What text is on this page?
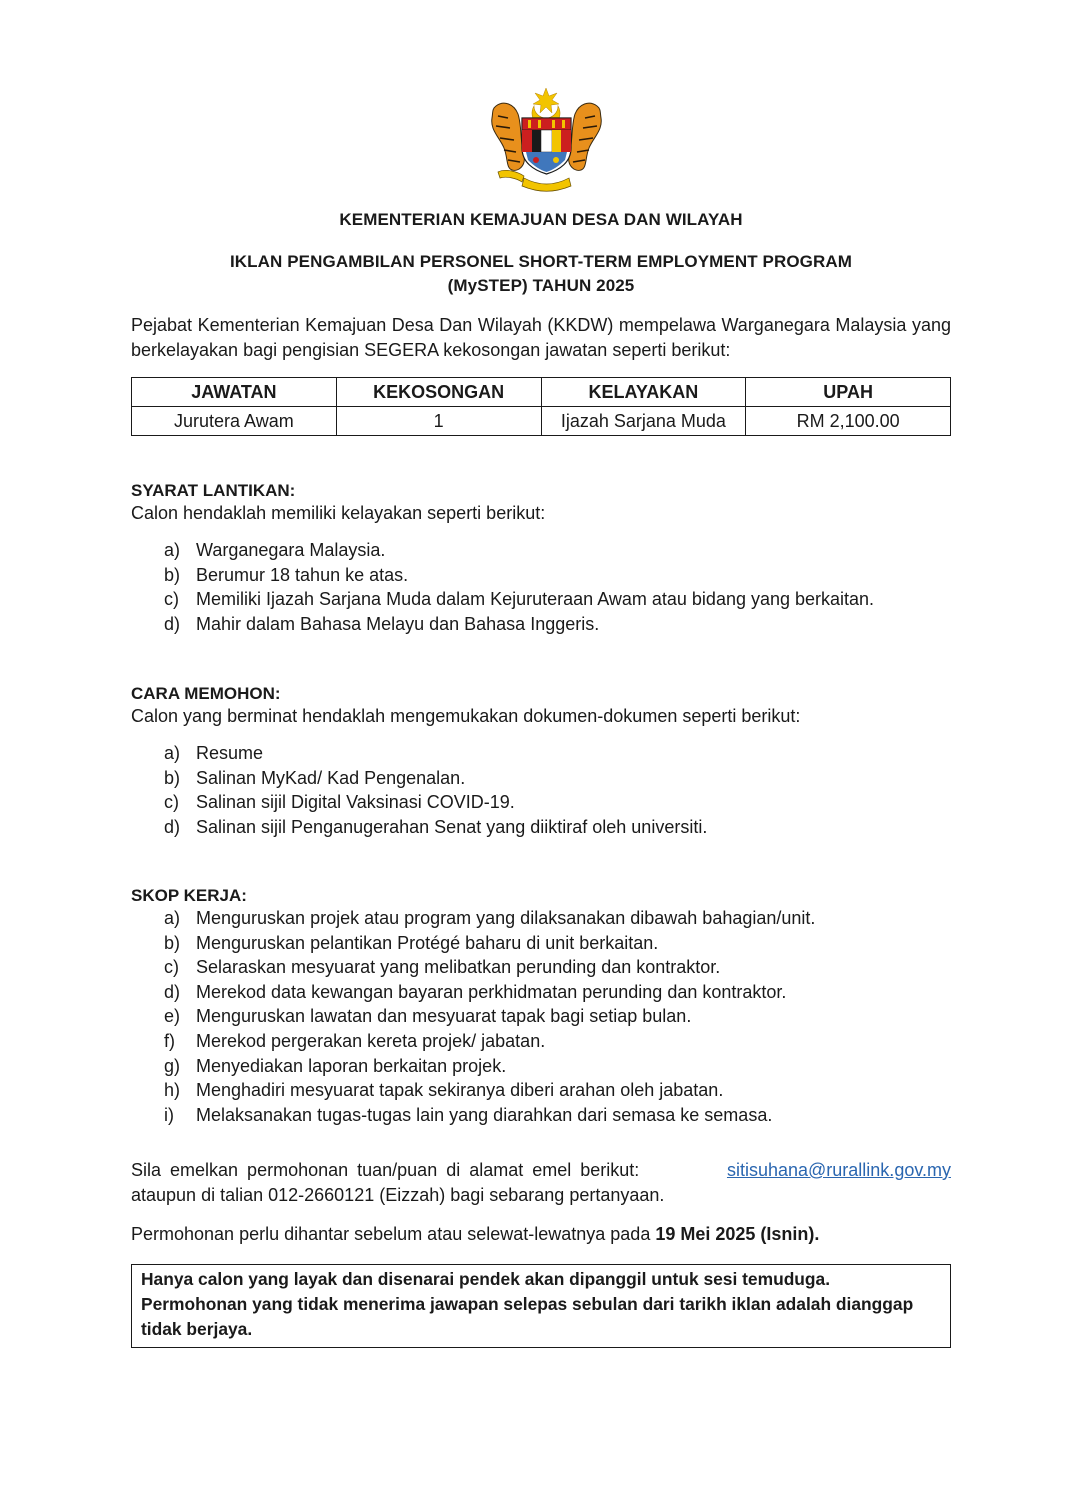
KEMENTERIAN KEMAJUAN DESA DAN WILAYAH
IKLAN PENGAMBILAN PERSONEL SHORT-TERM EMPLOYMENT PROGRAM
(MySTEP) TAHUN 2025
Pejabat Kementerian Kemajuan Desa Dan Wilayah (KKDW) mempelawa Warganegara Malaysia yang berkelayakan bagi pengisian SEGERA kekosongan jawatan seperti berikut:
JAWATAN	KEKOSONGAN	KELAYAKAN	UPAH
Jurutera Awam	1	Ijazah Sarjana Muda	RM 2,100.00
SYARAT LANTIKAN:
Calon hendaklah memiliki kelayakan seperti berikut:
a) Warganegara Malaysia.
b) Berumur 18 tahun ke atas.
c) Memiliki Ijazah Sarjana Muda dalam Kejuruteraan Awam atau bidang yang berkaitan.
d) Mahir dalam Bahasa Melayu dan Bahasa Inggeris.
CARA MEMOHON:
Calon yang berminat hendaklah mengemukakan dokumen-dokumen seperti berikut:
a) Resume
b) Salinan MyKad/ Kad Pengenalan.
c) Salinan sijil Digital Vaksinasi COVID-19.
d) Salinan sijil Penganugerahan Senat yang diiktiraf oleh universiti.
SKOP KERJA:
a) Menguruskan projek atau program yang dilaksanakan dibawah bahagian/unit.
b) Menguruskan pelantikan Protégé baharu di unit berkaitan.
c) Selaraskan mesyuarat yang melibatkan perunding dan kontraktor.
d) Merekod data kewangan bayaran perkhidmatan perunding dan kontraktor.
e) Menguruskan lawatan dan mesyuarat tapak bagi setiap bulan.
f) Merekod pergerakan kereta projek/ jabatan.
g) Menyediakan laporan berkaitan projek.
h) Menghadiri mesyuarat tapak sekiranya diberi arahan oleh jabatan.
i) Melaksanakan tugas-tugas lain yang diarahkan dari semasa ke semasa.
Sila emelkan permohonan tuan/puan di alamat emel berikut:	sitisuhana@rurallink.gov.my
ataupun di talian 012-2660121 (Eizzah) bagi sebarang pertanyaan.
Permohonan perlu dihantar sebelum atau selewat-lewatnya pada 19 Mei 2025 (Isnin).
Hanya calon yang layak dan disenarai pendek akan dipanggil untuk sesi temuduga. Permohonan yang tidak menerima jawapan selepas sebulan dari tarikh iklan adalah dianggap tidak berjaya.
